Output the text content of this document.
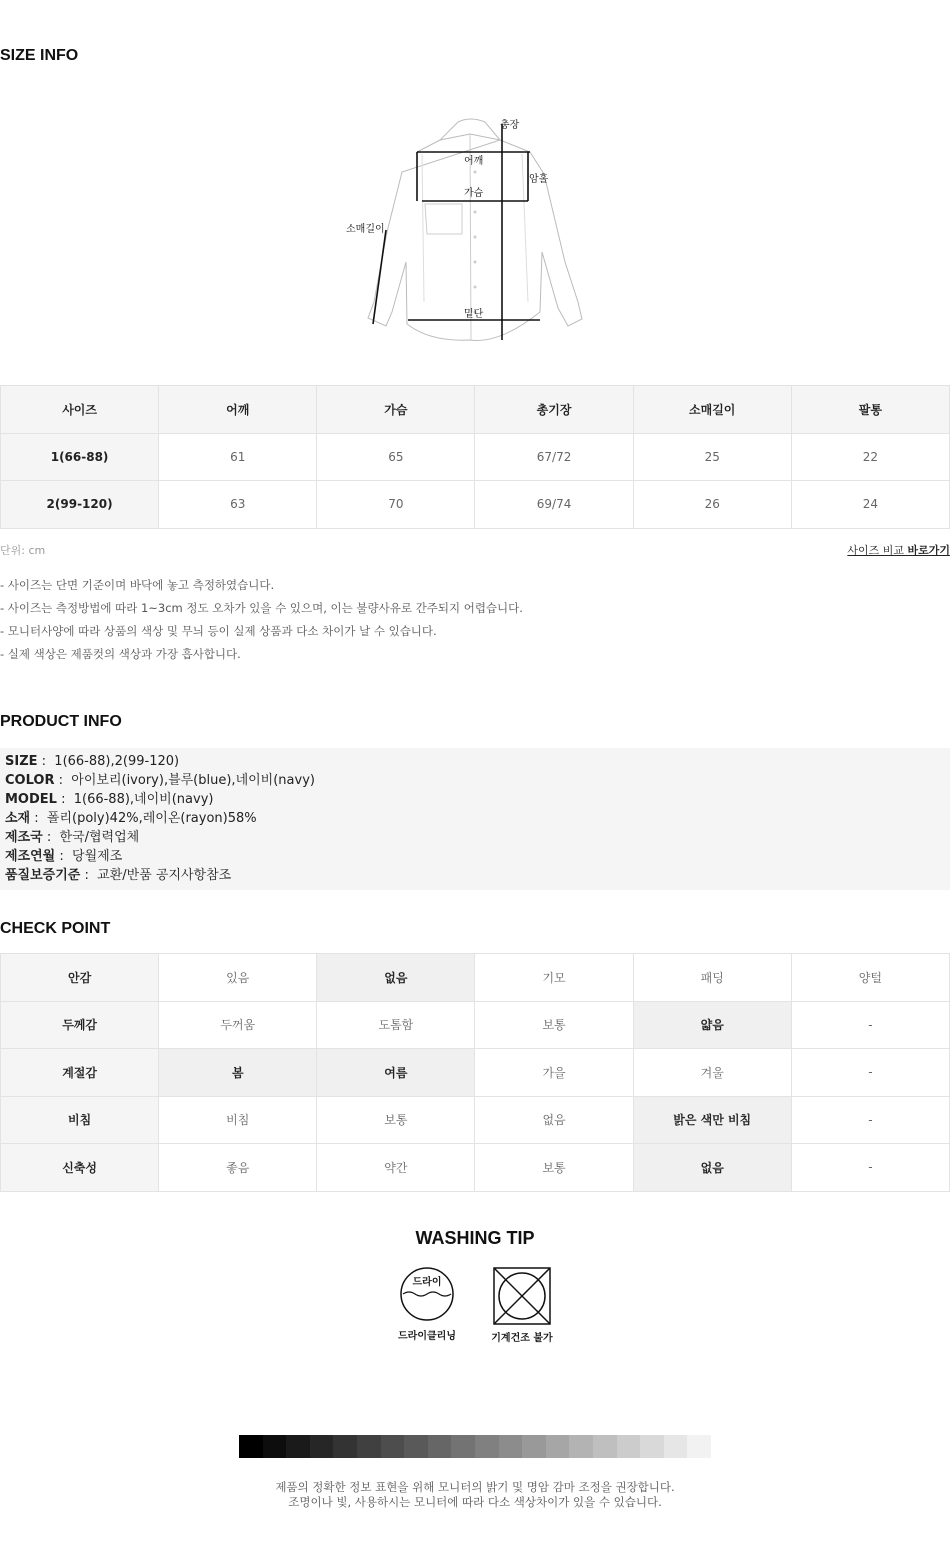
SIZE INFO
총장
어깨
암홀
가슴
소매길이
밑단
사이즈	어깨	가슴	총기장	소매길이	팔통
1(66-88)	61	65	67/72	25	22
2(99-120)	63	70	69/74	26	24
단위: cm	사이즈 비교 바로가기
- 사이즈는 단면 기준이며 바닥에 놓고 측정하였습니다.
- 사이즈는 측정방법에 따라 1~3cm 정도 오차가 있을 수 있으며, 이는 불량사유로 간주되지 어렵습니다.
- 모니터사양에 따라 상품의 색상 및 무늬 등이 실제 상품과 다소 차이가 날 수 있습니다.
- 실제 색상은 제품컷의 색상과 가장 흡사합니다.
PRODUCT INFO
SIZE :  1(66-88),2(99-120)
COLOR :  아이보리(ivory),블루(blue),네이비(navy)
MODEL :  1(66-88),네이비(navy)
소재 :  폴리(poly)42%,레이온(rayon)58%
제조국 :  한국/협력업체
제조연월 :  당월제조
품질보증기준 :  교환/반품 공지사항참조
CHECK POINT
안감	있음	없음	기모	패딩	양털
두께감	두꺼움	도톰함	보통	얇음	-
계절감	봄	여름	가을	겨울	-
비침	비침	보통	없음	밝은 색만 비침	-
신축성	좋음	약간	보통	없음	-
WASHING TIP
드라이
드라이클리닝	기계건조 불가
제품의 정확한 정보 표현을 위해 모니터의 밝기 및 명암 감마 조정을 권장합니다.
조명이나 빛, 사용하시는 모니터에 따라 다소 색상차이가 있을 수 있습니다.
